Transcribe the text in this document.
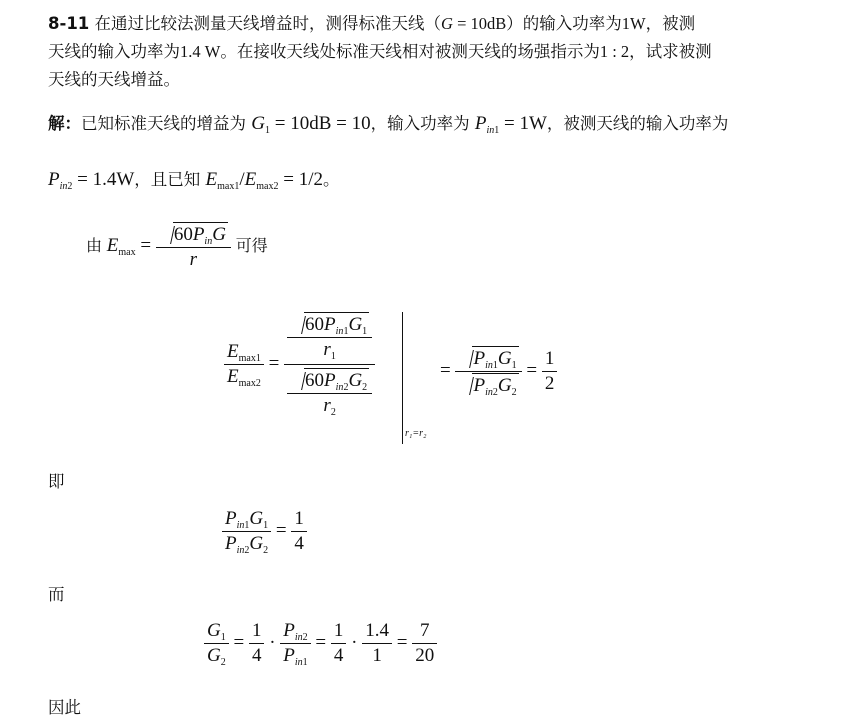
8-11 在通过比较法测量天线增益时，测得标准天线（G = 10dB）的输入功率为1W，被测
天线的输入功率为1.4 W。在接收天线处标准天线相对被测天线的场强指示为1 : 2，试求被测
天线的天线增益。
解：已知标准天线的增益为 $G_1 = 10dB = 10$，输入功率为 $P_{in1} = 1W$，被测天线的输入功率为
$P_{in2} = 1.4W$，且已知 $E_{max1}/E_{max2} = 1/2$。
由 $E_{max} = \frac{60P_{in}G}{r}$ 可得
$\frac{E_{max1}}{E_{max2}} = \frac{\frac{60P_{in1}G_1}{r_1}}{\frac{60P_{in2}G_2}{r_2}}$
r₁=r₂
= $\frac{P_{in1}G_1}{P_{in2}G_2} = \frac{1}{2}$
即
$\frac{P_{in1}G_1}{P_{in2}G_2} = \frac{1}{4}$
而
$\frac{G_1}{G_2} = \frac{1}{4} \cdot \frac{P_{in2}}{P_{in1}} = \frac{1}{4} \cdot \frac{1.4}{1} = \frac{7}{20}$
因此
